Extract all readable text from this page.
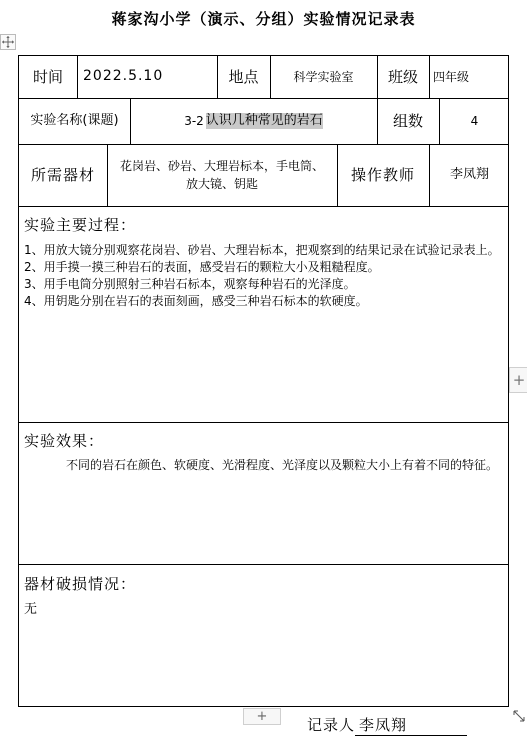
蒋家沟小学（演示、分组）实验情况记录表
时间	2022.5.10	地点	科学实验室	班级	四年级
实验名称(课题)	3-2 认识几种常见的岩石	组数	4
所需器材	花岗岩、砂岩、大理岩标本，手电筒、
放大镜、钥匙
操作教师	李凤翔
实验主要过程：

1、用放大镜分别观察花岗岩、砂岩、大理岩标本，把观察到的结果记录在试验记录表上。

2、用手摸一摸三种岩石的表面，感受岩石的颗粒大小及粗糙程度。

3、用手电筒分别照射三种岩石标本，观察每种岩石的光泽度。

4、用钥匙分别在岩石的表面刻画，感受三种岩石标本的软硬度。

实验效果：

不同的岩石在颜色、软硬度、光滑程度、光泽度以及颗粒大小上有着不同的特征。

器材破损情况：

无

+
+	记录人 李凤翔
